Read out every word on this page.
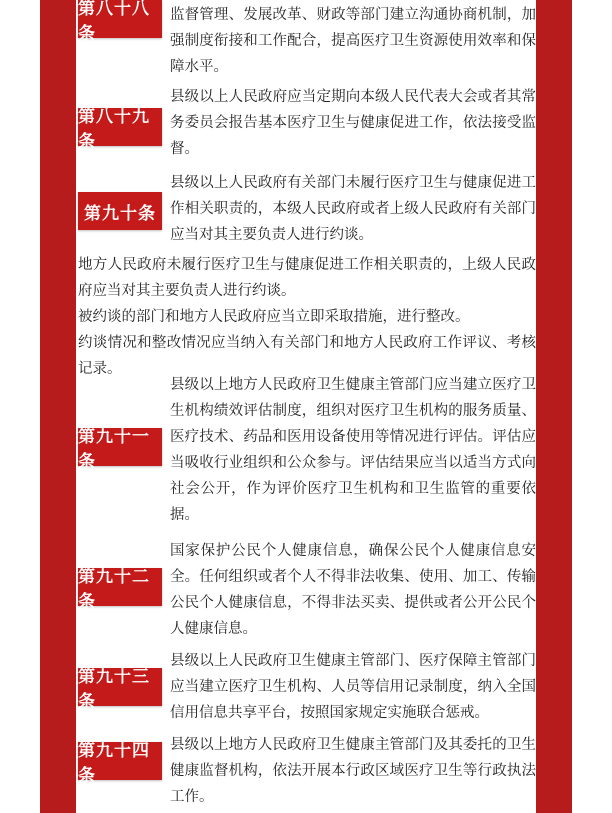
第八十八条

监督管理、发展改革、财政等部门建立沟通协商机制，加强制度衔接和工作配合，提高医疗卫生资源使用效率和保障水平。

第八十九条

县级以上人民政府应当定期向本级人民代表大会或者其常务委员会报告基本医疗卫生与健康促进工作，依法接受监督。

第九十条

县级以上人民政府有关部门未履行医疗卫生与健康促进工作相关职责的，本级人民政府或者上级人民政府有关部门应当对其主要负责人进行约谈。

地方人民政府未履行医疗卫生与健康促进工作相关职责的，上级人民政府应当对其主要负责人进行约谈。

被约谈的部门和地方人民政府应当立即采取措施，进行整改。

约谈情况和整改情况应当纳入有关部门和地方人民政府工作评议、考核记录。

第九十一条

县级以上地方人民政府卫生健康主管部门应当建立医疗卫生机构绩效评估制度，组织对医疗卫生机构的服务质量、医疗技术、药品和医用设备使用等情况进行评估。评估应当吸收行业组织和公众参与。评估结果应当以适当方式向社会公开，作为评价医疗卫生机构和卫生监管的重要依据。

第九十二条

国家保护公民个人健康信息，确保公民个人健康信息安全。任何组织或者个人不得非法收集、使用、加工、传输公民个人健康信息，不得非法买卖、提供或者公开公民个人健康信息。

第九十三条

县级以上人民政府卫生健康主管部门、医疗保障主管部门应当建立医疗卫生机构、人员等信用记录制度，纳入全国信用信息共享平台，按照国家规定实施联合惩戒。

第九十四条

县级以上地方人民政府卫生健康主管部门及其委托的卫生健康监督机构，依法开展本行政区域医疗卫生等行政执法工作。
